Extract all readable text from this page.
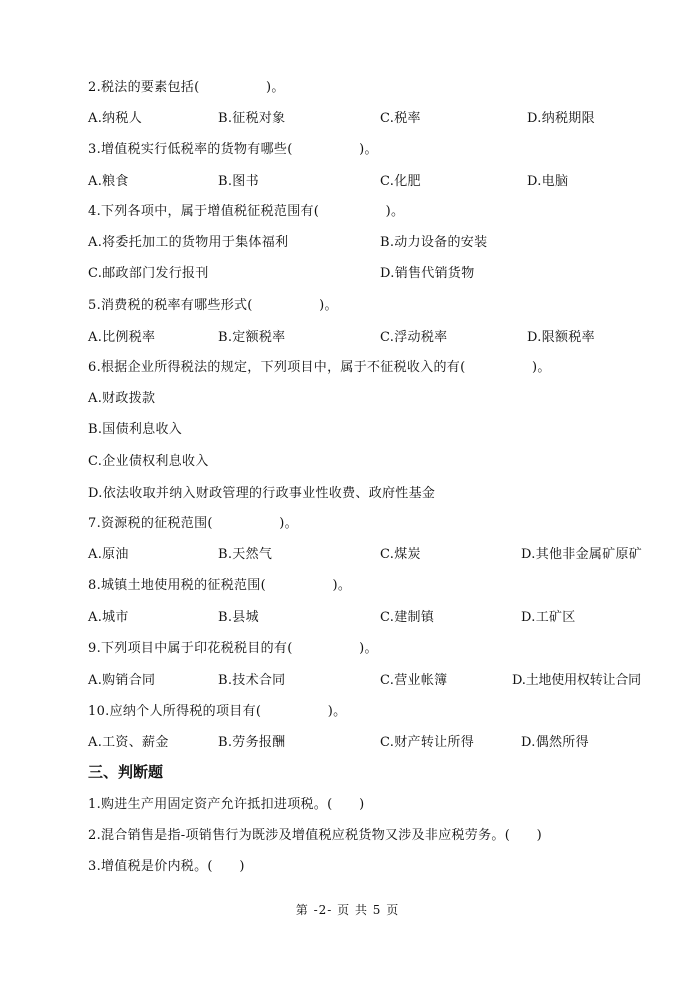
2.税法的要素包括(　　　　　)。
A.纳税人	B.征税对象	C.税率	D.纳税期限
3.增值税实行低税率的货物有哪些(　　　　　)。
A.粮食	B.图书	C.化肥	D.电脑
4.下列各项中，属于增值税征税范围有(　　　　　)。
A.将委托加工的货物用于集体福利	B.动力设备的安装
C.邮政部门发行报刊	D.销售代销货物
5.消费税的税率有哪些形式(　　　　　)。
A.比例税率	B.定额税率	C.浮动税率	D.限额税率
6.根据企业所得税法的规定，下列项目中，属于不征税收入的有(　　　　　)。
A.财政拨款
B.国债利息收入
C.企业债权利息收入
D.依法收取并纳入财政管理的行政事业性收费、政府性基金
7.资源税的征税范围(　　　　　)。
A.原油	B.天然气	C.煤炭	D.其他非金属矿原矿
8.城镇土地使用税的征税范围(　　　　　)。
A.城市	B.县城	C.建制镇	D.工矿区
9.下列项目中属于印花税税目的有(　　　　　)。
A.购销合同	B.技术合同	C.营业帐簿	D.土地使用权转让合同
10.应纳个人所得税的项目有(　　　　　)。
A.工资、薪金	B.劳务报酬	C.财产转让所得	D.偶然所得
三、判断题
1.购进生产用固定资产允许抵扣进项税。(　　)
2.混合销售是指-项销售行为既涉及增值税应税货物又涉及非应税劳务。(　　)
3.增值税是价内税。(　　)
第 -2- 页 共 5 页
